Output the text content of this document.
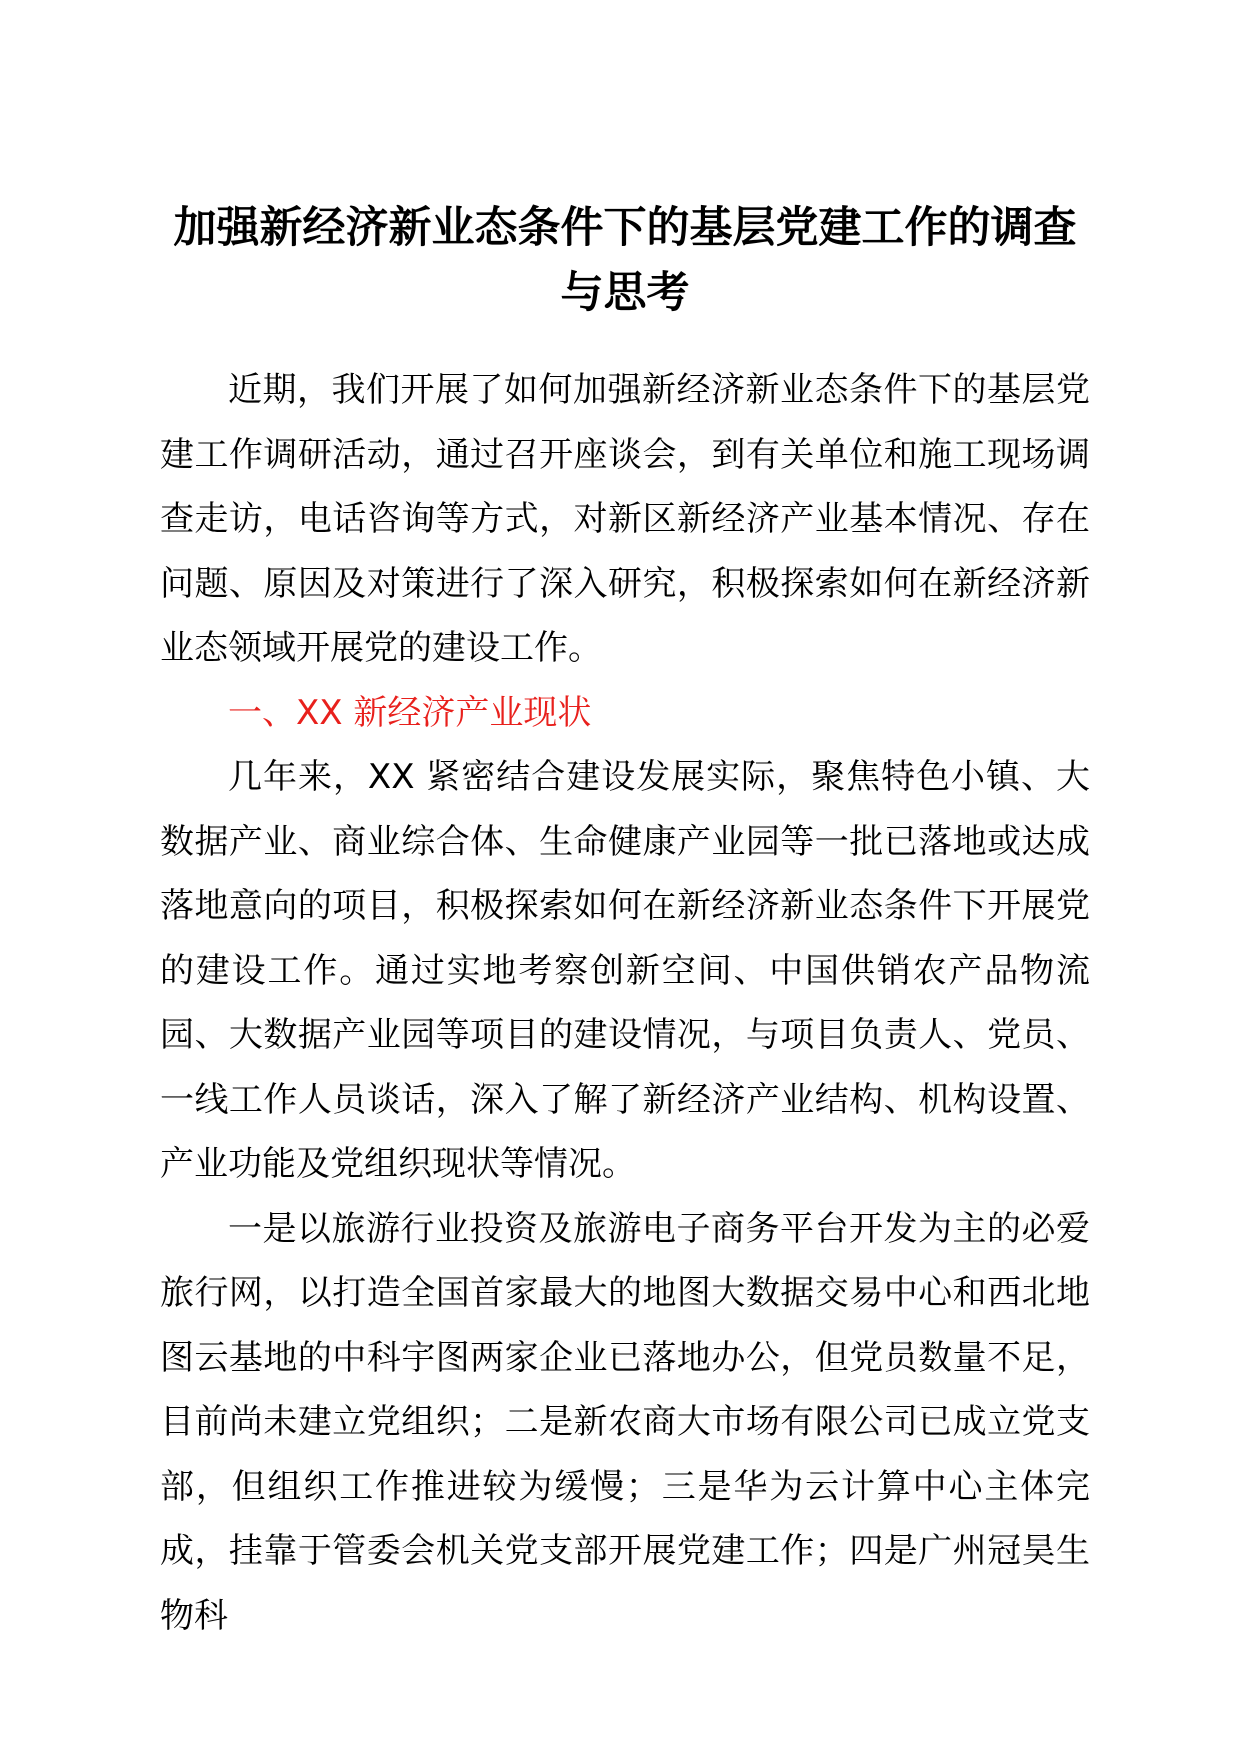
加强新经济新业态条件下的基层党建工作的调查与思考

近期，我们开展了如何加强新经济新业态条件下的基层党建工作调研活动，通过召开座谈会，到有关单位和施工现场调查走访，电话咨询等方式，对新区新经济产业基本情况、存在问题、原因及对策进行了深入研究，积极探索如何在新经济新业态领域开展党的建设工作。

一、XX 新经济产业现状

几年来，XX 紧密结合建设发展实际，聚焦特色小镇、大数据产业、商业综合体、生命健康产业园等一批已落地或达成落地意向的项目，积极探索如何在新经济新业态条件下开展党的建设工作。通过实地考察创新空间、中国供销农产品物流园、大数据产业园等项目的建设情况，与项目负责人、党员、一线工作人员谈话，深入了解了新经济产业结构、机构设置、产业功能及党组织现状等情况。

一是以旅游行业投资及旅游电子商务平台开发为主的必爱旅行网，以打造全国首家最大的地图大数据交易中心和西北地图云基地的中科宇图两家企业已落地办公，但党员数量不足，目前尚未建立党组织；二是新农商大市场有限公司已成立党支部，但组织工作推进较为缓慢；三是华为云计算中心主体完成，挂靠于管委会机关党支部开展党建工作；四是广州冠昊生物科
